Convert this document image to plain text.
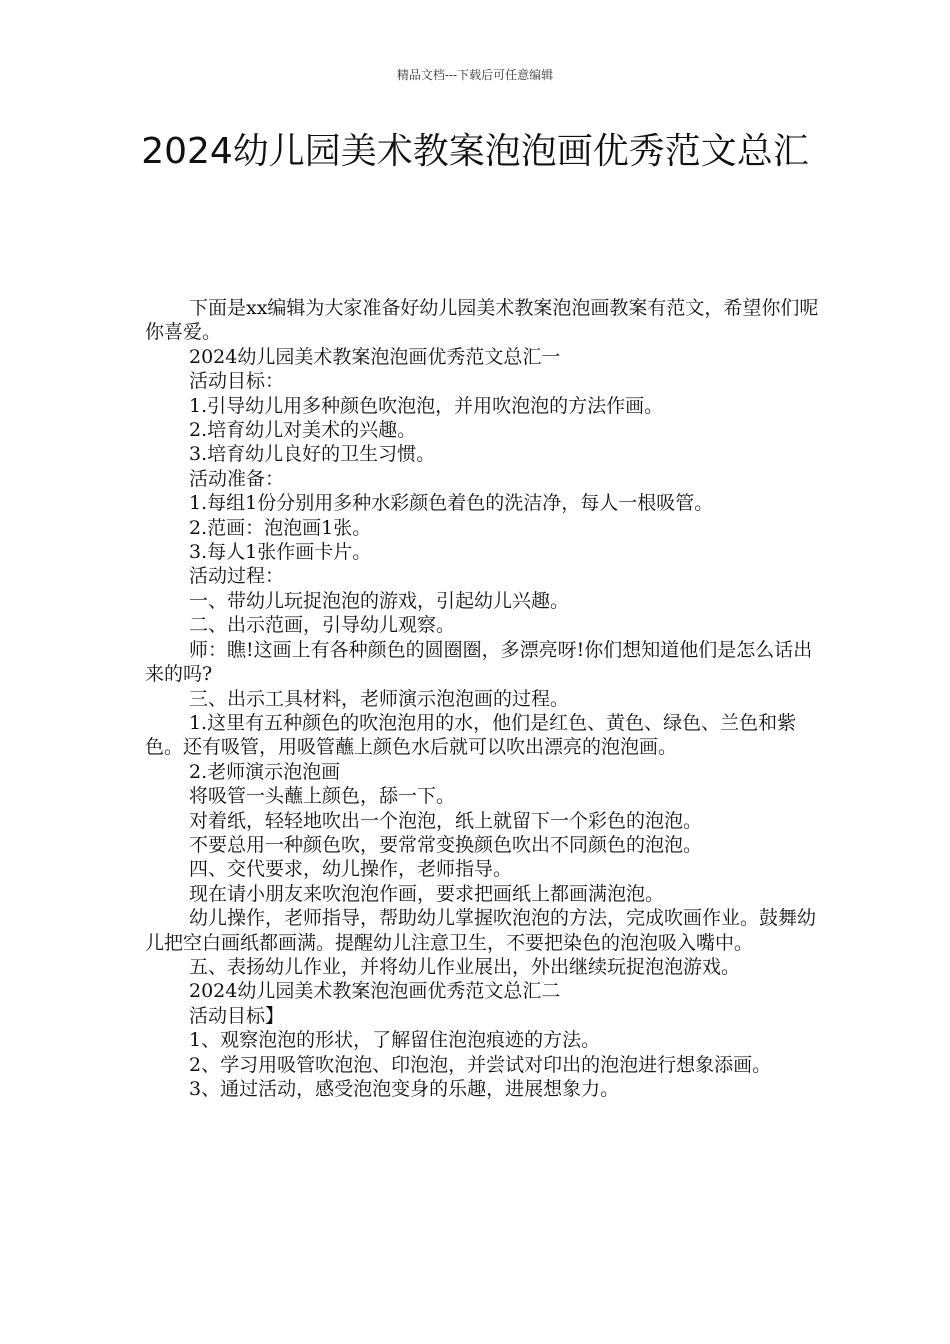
精品文档---下载后可任意编辑
2024幼儿园美术教案泡泡画优秀范文总汇

下面是xx编辑为大家准备好幼儿园美术教案泡泡画教案有范文，希望你们呢你喜爱。

2024幼儿园美术教案泡泡画优秀范文总汇一

活动目标：

1.引导幼儿用多种颜色吹泡泡，并用吹泡泡的方法作画。

2.培育幼儿对美术的兴趣。

3.培育幼儿良好的卫生习惯。

活动准备：

1.每组1份分别用多种水彩颜色着色的洗洁净，每人一根吸管。

2.范画：泡泡画1张。

3.每人1张作画卡片。

活动过程：

一、带幼儿玩捉泡泡的游戏，引起幼儿兴趣。

二、出示范画，引导幼儿观察。

师：瞧!这画上有各种颜色的圆圈圈，多漂亮呀!你们想知道他们是怎么话出来的吗?

三、出示工具材料，老师演示泡泡画的过程。

1.这里有五种颜色的吹泡泡用的水，他们是红色、黄色、绿色、兰色和紫色。还有吸管，用吸管蘸上颜色水后就可以吹出漂亮的泡泡画。

2.老师演示泡泡画

将吸管一头蘸上颜色，舔一下。

对着纸，轻轻地吹出一个泡泡，纸上就留下一个彩色的泡泡。

不要总用一种颜色吹，要常常变换颜色吹出不同颜色的泡泡。

四、交代要求，幼儿操作，老师指导。

现在请小朋友来吹泡泡作画，要求把画纸上都画满泡泡。

幼儿操作，老师指导，帮助幼儿掌握吹泡泡的方法，完成吹画作业。鼓舞幼儿把空白画纸都画满。提醒幼儿注意卫生，不要把染色的泡泡吸入嘴中。

五、表扬幼儿作业，并将幼儿作业展出，外出继续玩捉泡泡游戏。

2024幼儿园美术教案泡泡画优秀范文总汇二

活动目标】

1、观察泡泡的形状，了解留住泡泡痕迹的方法。

2、学习用吸管吹泡泡、印泡泡，并尝试对印出的泡泡进行想象添画。

3、通过活动，感受泡泡变身的乐趣，进展想象力。
